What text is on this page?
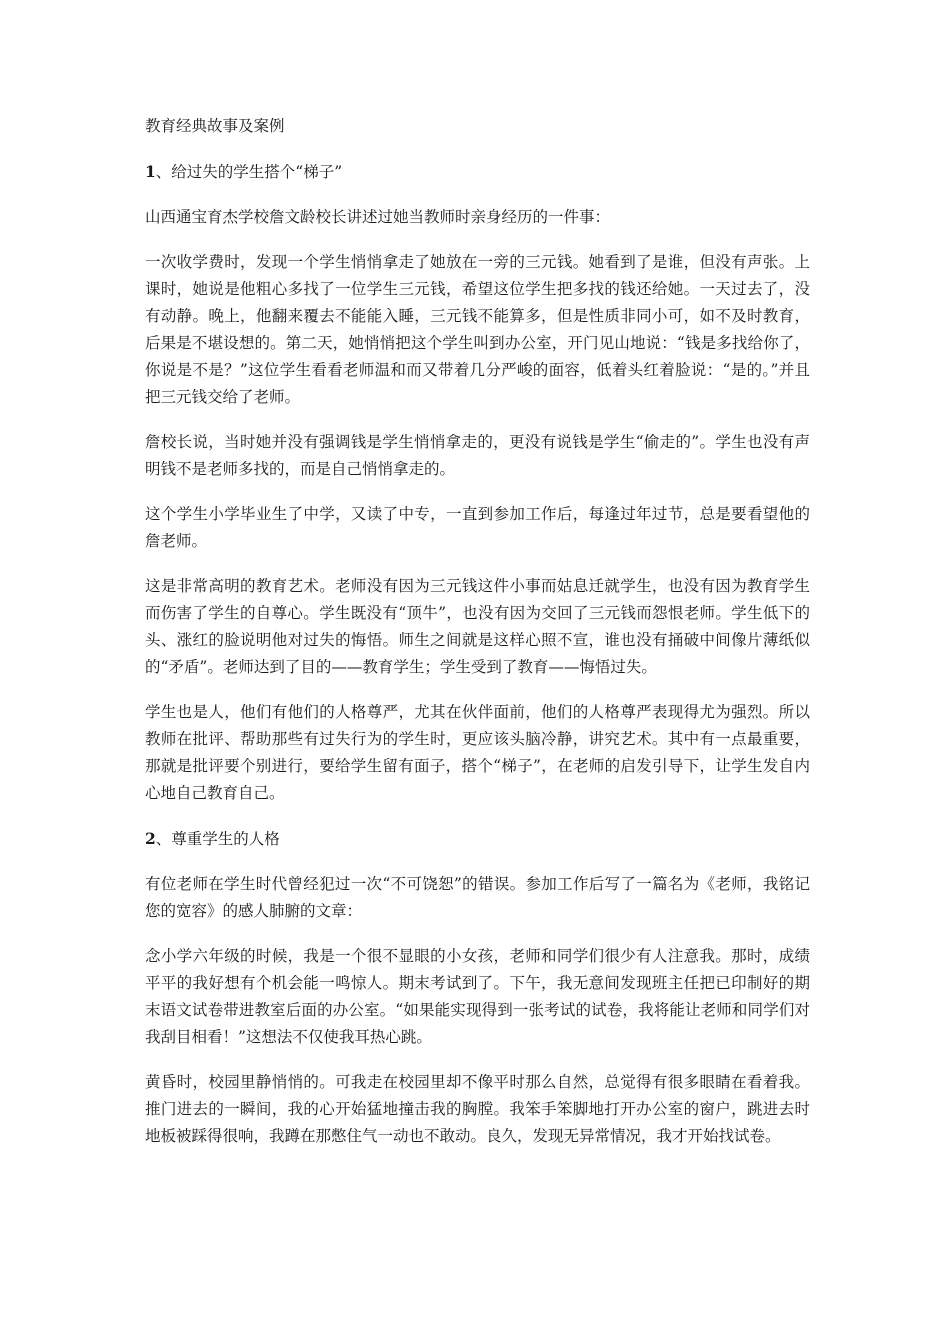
教育经典故事及案例

1、给过失的学生搭个“梯子”

山西通宝育杰学校詹文龄校长讲述过她当教师时亲身经历的一件事：

一次收学费时，发现一个学生悄悄拿走了她放在一旁的三元钱。她看到了是谁，但没有声张。上课时，她说是他粗心多找了一位学生三元钱，希望这位学生把多找的钱还给她。一天过去了，没有动静。晚上，他翻来覆去不能能入睡，三元钱不能算多，但是性质非同小可，如不及时教育，后果是不堪设想的。第二天，她悄悄把这个学生叫到办公室，开门见山地说：“钱是多找给你了，你说是不是？”这位学生看看老师温和而又带着几分严峻的面容，低着头红着脸说：“是的。”并且把三元钱交给了老师。

詹校长说，当时她并没有强调钱是学生悄悄拿走的，更没有说钱是学生“偷走的”。学生也没有声 明钱不是老师多找的，而是自己悄悄拿走的。

这个学生小学毕业生了中学，又读了中专，一直到参加工作后，每逢过年过节，总是要看望他的詹老师。

这是非常高明的教育艺术。老师没有因为三元钱这件小事而姑息迁就学生，也没有因为教育学生而伤害了学生的自尊心。学生既没有“顶牛”，也没有因为交回了三元钱而怨恨老师。学生低下的头、涨红的脸说明他对过失的悔悟。师生之间就是这样心照不宣，谁也没有捅破中间像片薄纸似的“矛盾”。老师达到了目的——教育学生；学生受到了教育——悔悟过失。

学生也是人，他们有他们的人格尊严，尤其在伙伴面前，他们的人格尊严表现得尤为强烈。所以教师在批评、帮助那些有过失行为的学生时，更应该头脑冷静，讲究艺术。其中有一点最重要，那就是批评要个别进行，要给学生留有面子，搭个“梯子”，在老师的启发引导下，让学生发自内心地自己教育自己。

2、尊重学生的人格

有位老师在学生时代曾经犯过一次“不可饶恕”的错误。参加工作后写了一篇名为《老师，我铭记您的宽容》的感人肺腑的文章：

念小学六年级的时候，我是一个很不显眼的小女孩，老师和同学们很少有人注意我。那时，成绩平平的我好想有个机会能一鸣惊人。期末考试到了。下午，我无意间发现班主任把已印制好的期末语文试卷带进教室后面的办公室。“如果能实现得到一张考试的试卷，我将能让老师和同学们对我刮目相看！”这想法不仅使我耳热心跳。

黄昏时，校园里静悄悄的。可我走在校园里却不像平时那么自然，总觉得有很多眼睛在看着我。推门进去的一瞬间，我的心开始猛地撞击我的胸膛。我笨手笨脚地打开办公室的窗户，跳进去时地板被踩得很响，我蹲在那憋住气一动也不敢动。良久，发现无异常情况，我才开始找试卷。
